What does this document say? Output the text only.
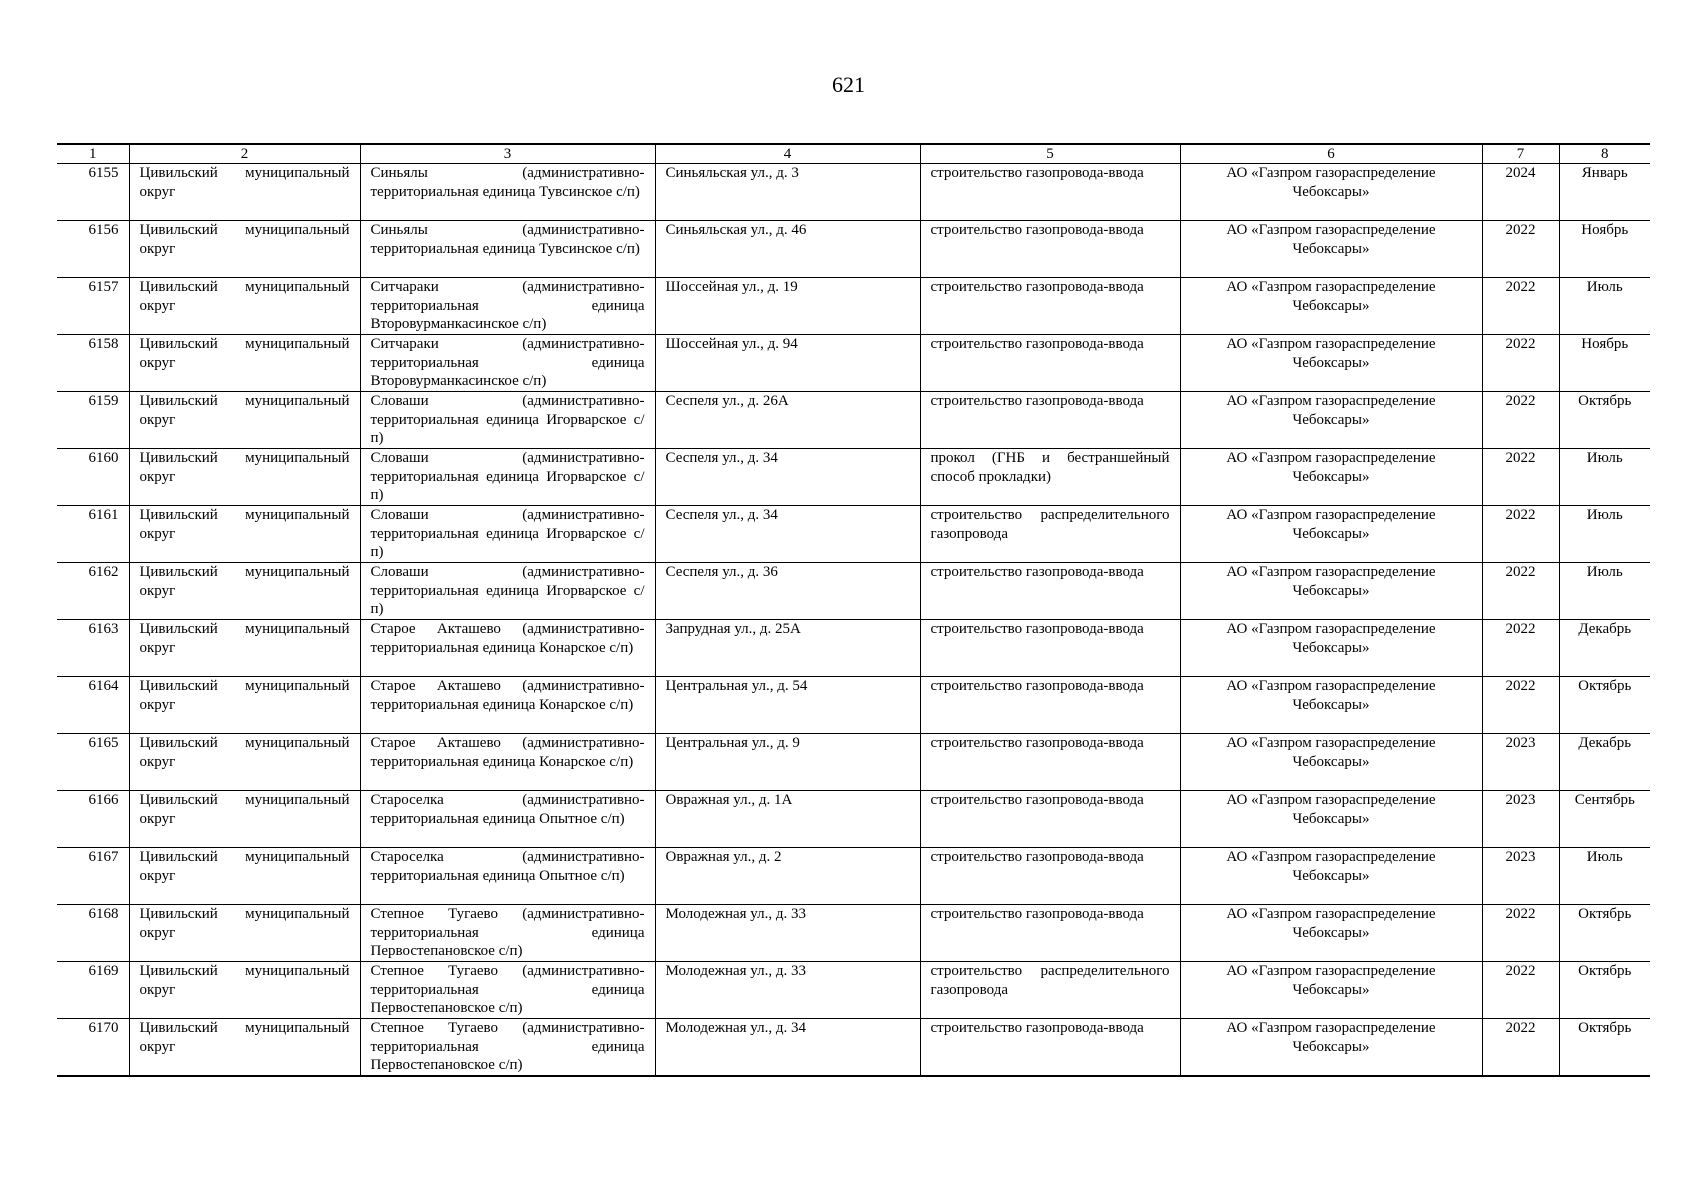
621
1	2	3	4	5	6	7	8
6155	Цивильский муниципальный округ	Синьялы (административно-территориальная единица Тувсинское с/п)	Синьяльская ул., д. 3	строительство газопровода-ввода	АО «Газпром газораспределение Чебоксары»	2024	Январь
6156	Цивильский муниципальный округ	Синьялы (административно-территориальная единица Тувсинское с/п)	Синьяльская ул., д. 46	строительство газопровода-ввода	АО «Газпром газораспределение Чебоксары»	2022	Ноябрь
6157	Цивильский муниципальный округ	Ситчараки (административно-территориальная единица Второвурманкасинское с/п)	Шоссейная ул., д. 19	строительство газопровода-ввода	АО «Газпром газораспределение Чебоксары»	2022	Июль
6158	Цивильский муниципальный округ	Ситчараки (административно-территориальная единица Второвурманкасинское с/п)	Шоссейная ул., д. 94	строительство газопровода-ввода	АО «Газпром газораспределение Чебоксары»	2022	Ноябрь
6159	Цивильский муниципальный округ	Словаши (административно-территориальная единица Игорварское с/п)	Сеспеля ул., д. 26А	строительство газопровода-ввода	АО «Газпром газораспределение Чебоксары»	2022	Октябрь
6160	Цивильский муниципальный округ	Словаши (административно-территориальная единица Игорварское с/п)	Сеспеля ул., д. 34	прокол (ГНБ и бестраншейный способ прокладки)	АО «Газпром газораспределение Чебоксары»	2022	Июль
6161	Цивильский муниципальный округ	Словаши (административно-территориальная единица Игорварское с/п)	Сеспеля ул., д. 34	строительство распределительного газопровода	АО «Газпром газораспределение Чебоксары»	2022	Июль
6162	Цивильский муниципальный округ	Словаши (административно-территориальная единица Игорварское с/п)	Сеспеля ул., д. 36	строительство газопровода-ввода	АО «Газпром газораспределение Чебоксары»	2022	Июль
6163	Цивильский муниципальный округ	Старое Акташево (административно-территориальная единица Конарское с/п)	Запрудная ул., д. 25А	строительство газопровода-ввода	АО «Газпром газораспределение Чебоксары»	2022	Декабрь
6164	Цивильский муниципальный округ	Старое Акташево (административно-территориальная единица Конарское с/п)	Центральная ул., д. 54	строительство газопровода-ввода	АО «Газпром газораспределение Чебоксары»	2022	Октябрь
6165	Цивильский муниципальный округ	Старое Акташево (административно-территориальная единица Конарское с/п)	Центральная ул., д. 9	строительство газопровода-ввода	АО «Газпром газораспределение Чебоксары»	2023	Декабрь
6166	Цивильский муниципальный округ	Староселка (административно-территориальная единица Опытное с/п)	Овражная ул., д. 1А	строительство газопровода-ввода	АО «Газпром газораспределение Чебоксары»	2023	Сентябрь
6167	Цивильский муниципальный округ	Староселка (административно-территориальная единица Опытное с/п)	Овражная ул., д. 2	строительство газопровода-ввода	АО «Газпром газораспределение Чебоксары»	2023	Июль
6168	Цивильский муниципальный округ	Степное Тугаево (административно-территориальная единица Первостепановское с/п)	Молодежная ул., д. 33	строительство газопровода-ввода	АО «Газпром газораспределение Чебоксары»	2022	Октябрь
6169	Цивильский муниципальный округ	Степное Тугаево (административно-территориальная единица Первостепановское с/п)	Молодежная ул., д. 33	строительство распределительного газопровода	АО «Газпром газораспределение Чебоксары»	2022	Октябрь
6170	Цивильский муниципальный округ	Степное Тугаево (административно-территориальная единица Первостепановское с/п)	Молодежная ул., д. 34	строительство газопровода-ввода	АО «Газпром газораспределение Чебоксары»	2022	Октябрь
